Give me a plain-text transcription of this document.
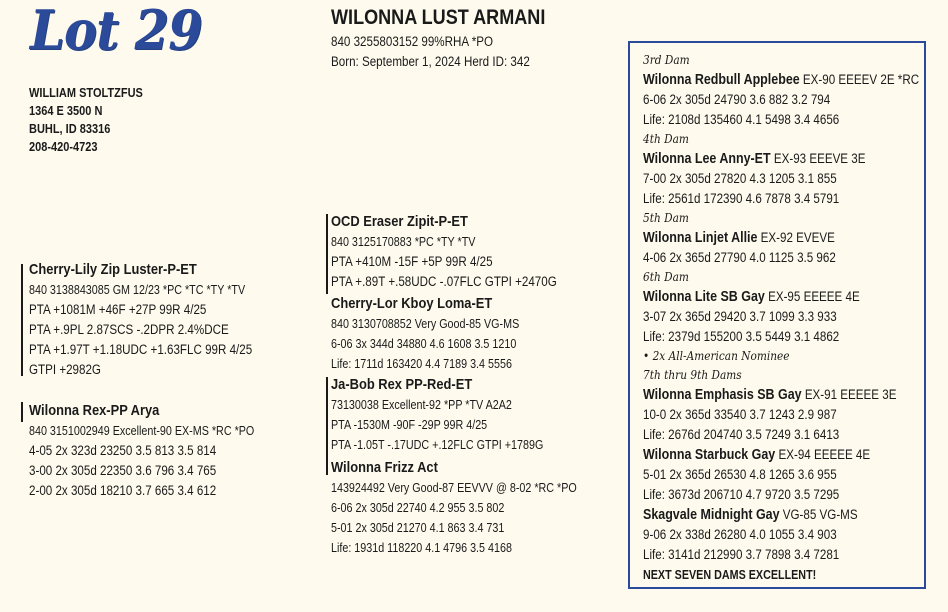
Lot 29
WILLIAM STOLTZFUS
1364 E 3500 N
BUHL, ID 83316
208-420-4723
WILONNA LUST ARMANI
840 3255803152 99%RHA *PO
Born: September 1, 2024 Herd ID: 342
Cherry-Lily Zip Luster-P-ET
840 3138843085 GM 12/23 *PC *TC *TY *TV
PTA +1081M +46F +27P 99R 4/25
PTA +.9PL 2.87SCS -.2DPR 2.4%DCE
PTA +1.97T +1.18UDC +1.63FLC 99R 4/25
GTPI +2982G
Wilonna Rex-PP Arya
840 3151002949 Excellent-90 EX-MS *RC *PO
4-05 2x 323d 23250 3.5 813 3.5 814
3-00 2x 305d 22350 3.6 796 3.4 765
2-00 2x 305d 18210 3.7 665 3.4 612
OCD Eraser Zipit-P-ET
840 3125170883 *PC *TY *TV
PTA +410M -15F +5P 99R 4/25
PTA +.89T +.58UDC -.07FLC GTPI +2470G
Cherry-Lor Kboy Loma-ET
840 3130708852 Very Good-85 VG-MS
6-06 3x 344d 34880 4.6 1608 3.5 1210
Life: 1711d 163420 4.4 7189 3.4 5556
Ja-Bob Rex PP-Red-ET
73130038 Excellent-92 *PP *TV A2A2
PTA -1530M -90F -29P 99R 4/25
PTA -1.05T -.17UDC +.12FLC GTPI +1789G
Wilonna Frizz Act
143924492 Very Good-87 EEVVV @ 8-02 *RC *PO
6-06 2x 305d 22740 4.2 955 3.5 802
5-01 2x 305d 21270 4.1 863 3.4 731
Life: 1931d 118220 4.1 4796 3.5 4168
3rd Dam
Wilonna Redbull Applebee EX-90 EEEEV 2E *RC
6-06 2x 305d 24790 3.6 882 3.2 794
Life: 2108d 135460 4.1 5498 3.4 4656
4th Dam
Wilonna Lee Anny-ET EX-93 EEEVE 3E
7-00 2x 305d 27820 4.3 1205 3.1 855
Life: 2561d 172390 4.6 7878 3.4 5791
5th Dam
Wilonna Linjet Allie EX-92 EVEVE
4-06 2x 365d 27790 4.0 1125 3.5 962
6th Dam
Wilonna Lite SB Gay EX-95 EEEEE 4E
3-07 2x 365d 29420 3.7 1099 3.3 933
Life: 2379d 155200 3.5 5449 3.1 4862
• 2x All-American Nominee
7th thru 9th Dams
Wilonna Emphasis SB Gay EX-91 EEEEE 3E
10-0 2x 365d 33540 3.7 1243 2.9 987
Life: 2676d 204740 3.5 7249 3.1 6413
Wilonna Starbuck Gay EX-94 EEEEE 4E
5-01 2x 365d 26530 4.8 1265 3.6 955
Life: 3673d 206710 4.7 9720 3.5 7295
Skagvale Midnight Gay VG-85 VG-MS
9-06 2x 338d 26280 4.0 1055 3.4 903
Life: 3141d 212990 3.7 7898 3.4 7281
NEXT SEVEN DAMS EXCELLENT!
